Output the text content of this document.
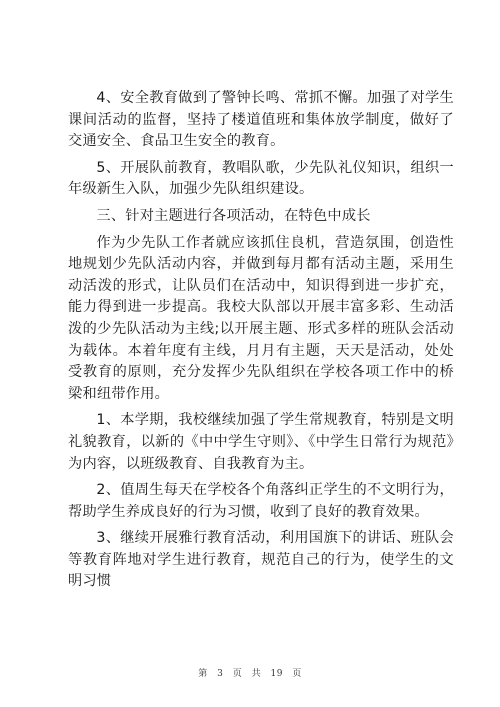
4、安全教育做到了警钟长鸣、常抓不懈。加强了对学生课间活动的监督，坚持了楼道值班和集体放学制度，做好了交通安全、食品卫生安全的教育。

5、开展队前教育，教唱队歌，少先队礼仪知识，组织一年级新生入队，加强少先队组织建设。

三、针对主题进行各项活动，在特色中成长

作为少先队工作者就应该抓住良机，营造氛围，创造性地规划少先队活动内容，并做到每月都有活动主题，采用生动活泼的形式，让队员们在活动中，知识得到进一步扩充，能力得到进一步提高。我校大队部以开展丰富多彩、生动活泼的少先队活动为主线;以开展主题、形式多样的班队会活动为载体。本着年度有主线，月月有主题，天天是活动，处处受教育的原则，充分发挥少先队组织在学校各项工作中的桥梁和纽带作用。

1、本学期，我校继续加强了学生常规教育，特别是文明礼貌教育，以新的《中中学生守则》、《中学生日常行为规范》为内容，以班级教育、自我教育为主。

2、值周生每天在学校各个角落纠正学生的不文明行为，帮助学生养成良好的行为习惯，收到了良好的教育效果。

3、继续开展雅行教育活动，利用国旗下的讲话、班队会等教育阵地对学生进行教育，规范自己的行为，使学生的文明习惯

第 3 页 共 19 页
